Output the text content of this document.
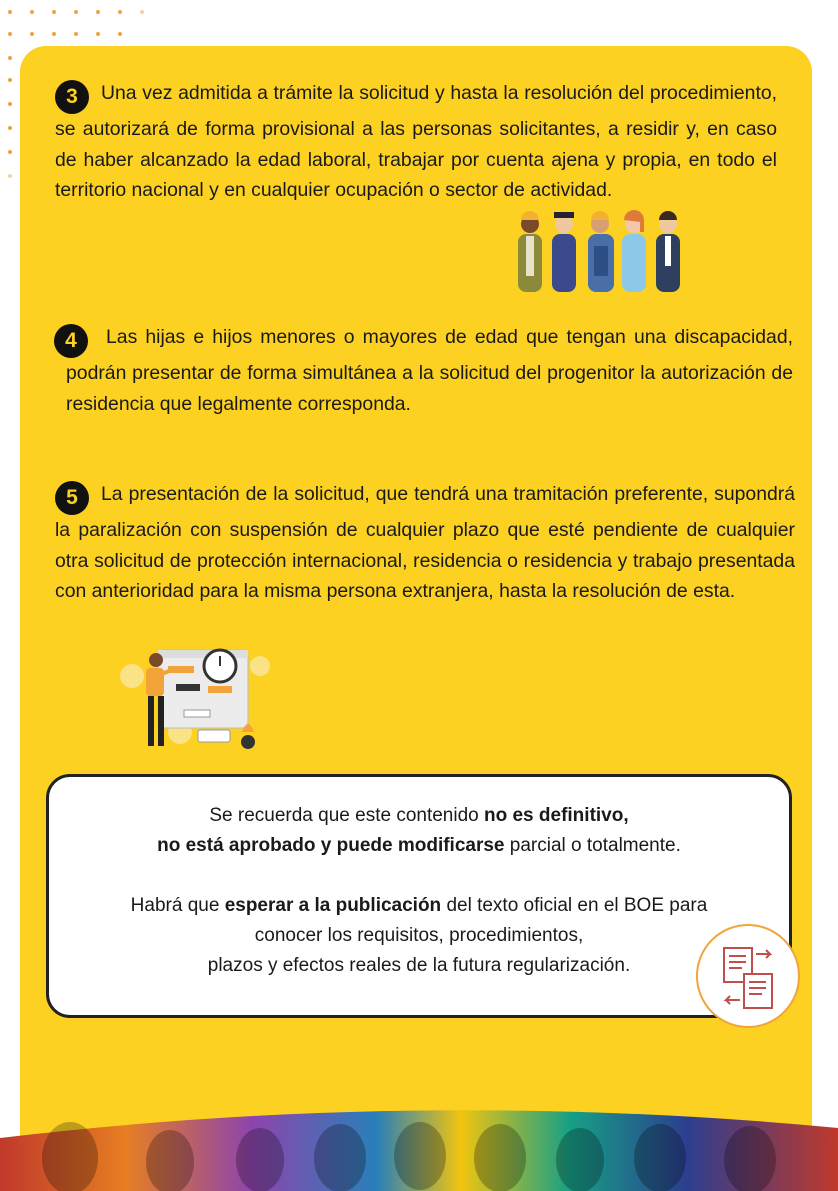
3 Una vez admitida a trámite la solicitud y hasta la resolución del procedimiento, se autorizará de forma provisional a las personas solicitantes, a residir y, en caso de haber alcanzado la edad laboral, trabajar por cuenta ajena y propia, en todo el territorio nacional y en cualquier ocupación o sector de actividad.

4 Las hijas e hijos menores o mayores de edad que tengan una discapacidad, podrán presentar de forma simultánea a la solicitud del progenitor la autorización de residencia que legalmente corresponda.

5 La presentación de la solicitud, que tendrá una tramitación preferente, supondrá la paralización con suspensión de cualquier plazo que esté pendiente de cualquier otra solicitud de protección internacional, residencia o residencia y trabajo presentada con anterioridad para la misma persona extranjera, hasta la resolución de esta.

Se recuerda que este contenido no es definitivo,

no está aprobado y puede modificarse parcial o totalmente.

Habrá que esperar a la publicación del texto oficial en el BOE para

conocer los requisitos, procedimientos,

plazos y efectos reales de la futura regularización.
